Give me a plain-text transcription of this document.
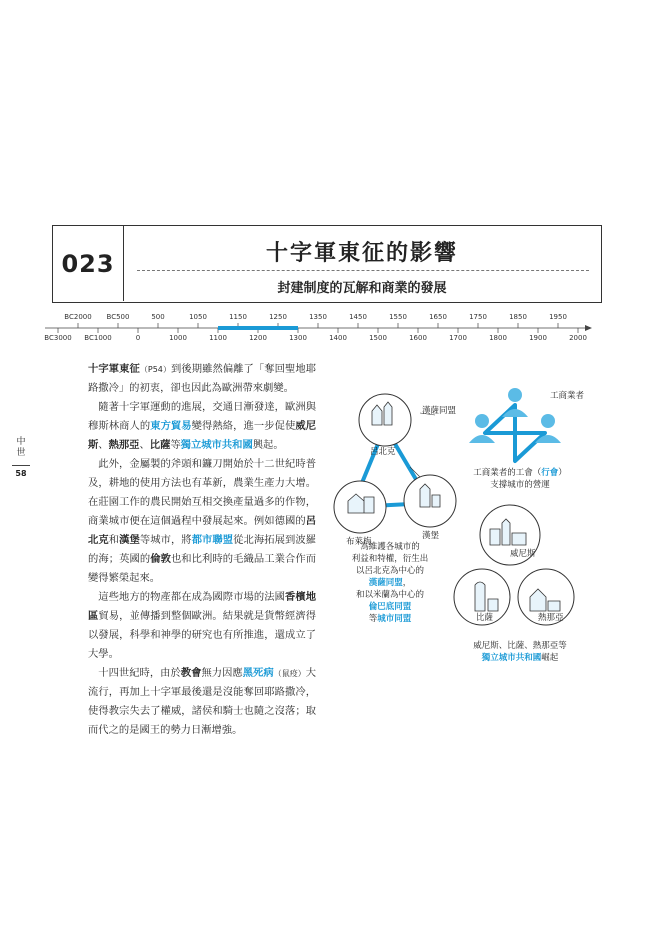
023	十字軍東征的影響
封建制度的瓦解和商業的發展
BC3000 BC1000	0	1000	1100	1200	1300	1400	1500	1600	1700	1800	1900	2000
BC2000 BC500	500	1050	1150	1250	1350	1450	1550	1650	1750	1850	1950
中
世
58

十字軍東征（P54）到後期雖然偏離了「奪回聖地耶路撒冷」的初衷，卻也因此為歐洲帶來劇變。

隨著十字軍運動的進展，交通日漸發達，歐洲與穆斯林商人的東方貿易變得熱絡，進一步促使威尼斯、熱那亞、比薩等獨立城市共和國興起。

此外，金屬製的斧頭和鐮刀開始於十二世紀時普及，耕地的使用方法也有革新，農業生產力大增。在莊園工作的農民開始互相交換產量過多的作物，商業城市便在這個過程中發展起來。例如德國的呂北克和漢堡等城市，將都市聯盟從北海拓展到波羅的海；英國的倫敦也和比利時的毛織品工業合作而變得繁榮起來。

這些地方的物產都在成為國際市場的法國香檳地區貿易，並傳播到整個歐洲。結果就是貨幣經濟得以發展，科學和神學的研究也有所推進，還成立了大學。

十四世紀時，由於教會無力因應黑死病（鼠疫）大流行，再加上十字軍最後還是沒能奪回耶路撒冷，使得教宗失去了權威，諸侯和騎士也隨之沒落；取而代之的是國王的勢力日漸增強。

漢薩同盟
呂北克
布萊梅
漢堡
為維護各城市的
利益和特權，衍生出
以呂北克為中心的
漢薩同盟，
和以米蘭為中心的
倫巴底同盟
等城市同盟
工商業者
工商業者的工會（行會）
支撐城市的營運
威尼斯
比薩	熱那亞
威尼斯、比薩、熱那亞等
獨立城市共和國崛起
